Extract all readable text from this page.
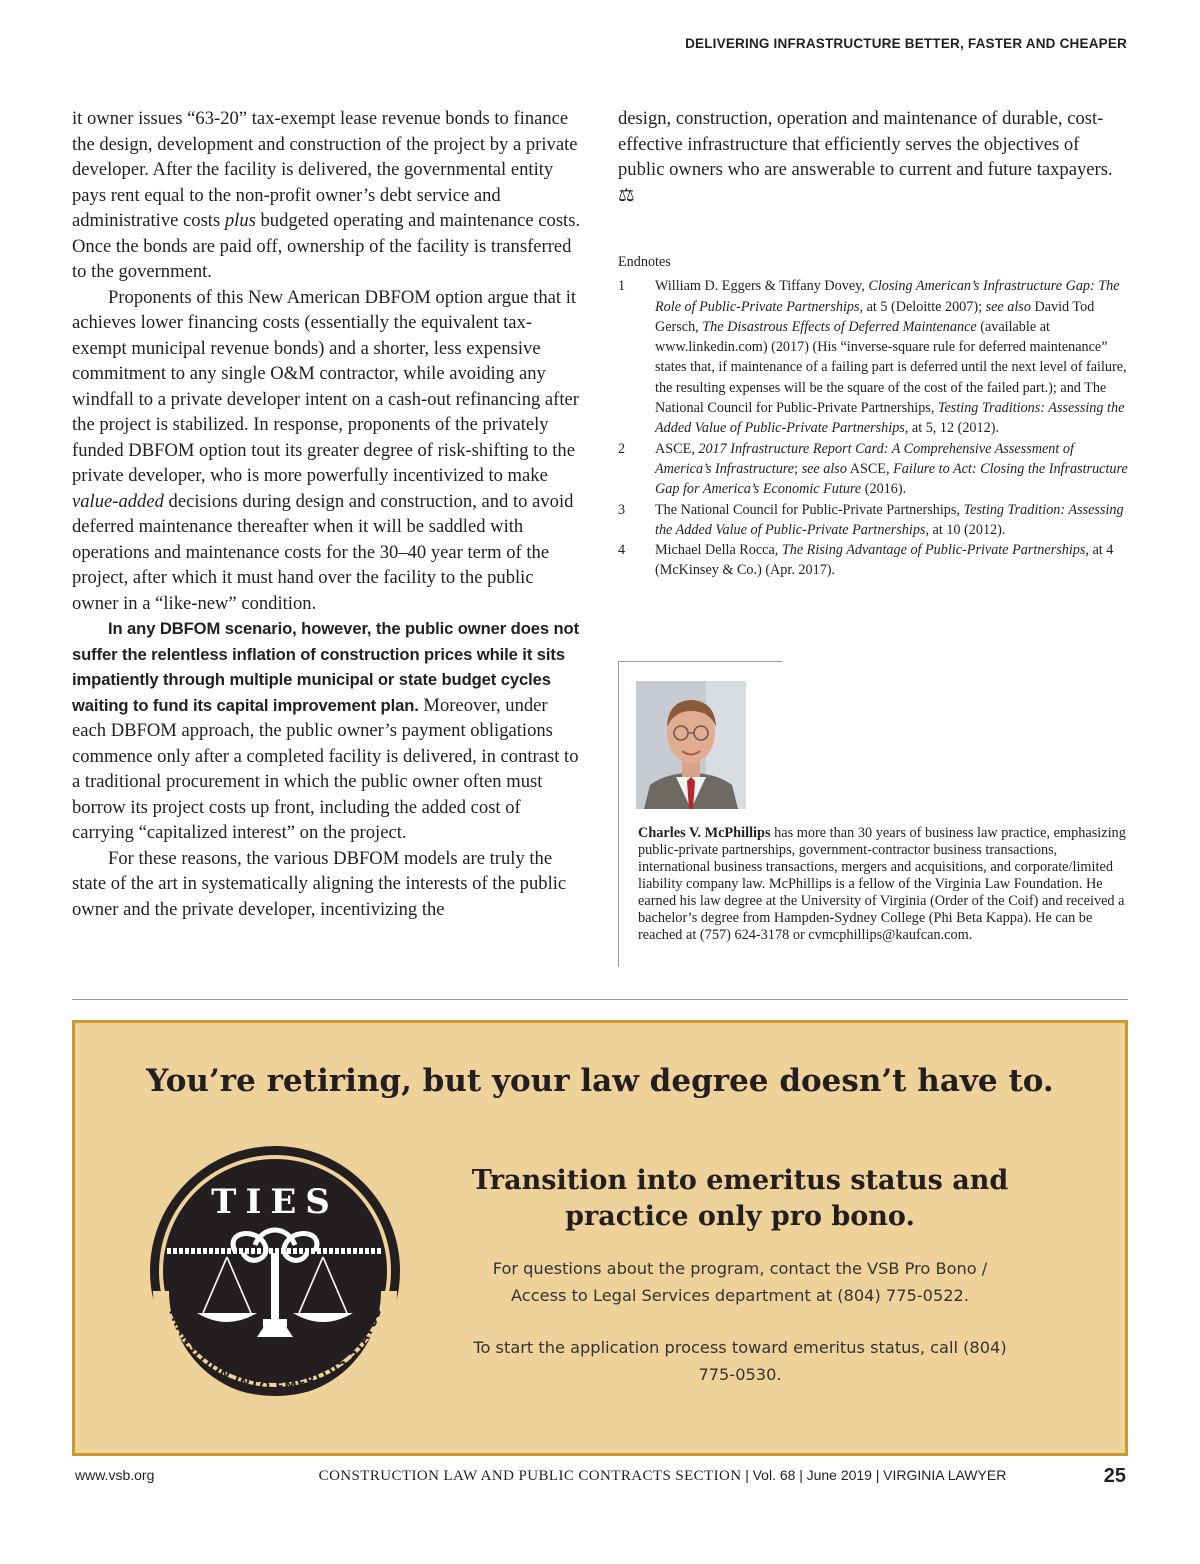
DELIVERING INFRASTRUCTURE BETTER, FASTER AND CHEAPER

it owner issues “63-20” tax-exempt lease revenue bonds to finance the design, development and construction of the project by a private developer. After the facility is delivered, the governmental entity pays rent equal to the non-profit owner’s debt service and administrative costs plus budgeted operating and maintenance costs. Once the bonds are paid off, ownership of the facility is transferred to the government.

Proponents of this New American DBFOM option argue that it achieves lower financing costs (essentially the equivalent tax-exempt municipal revenue bonds) and a shorter, less expensive commitment to any single O&M contractor, while avoiding any windfall to a private developer intent on a cash-out refinancing after the project is stabilized. In response, proponents of the privately funded DBFOM option tout its greater degree of risk-shifting to the private developer, who is more powerfully incentivized to make value-added decisions during design and construction, and to avoid deferred maintenance thereafter when it will be saddled with operations and maintenance costs for the 30–40 year term of the project, after which it must hand over the facility to the public owner in a “like-new” condition.

In any DBFOM scenario, however, the public owner does not suffer the relentless inflation of construction prices while it sits impatiently through multiple municipal or state budget cycles waiting to fund its capital improvement plan. Moreover, under each DBFOM approach, the public owner’s payment obligations commence only after a completed facility is delivered, in contrast to a traditional procurement in which the public owner often must borrow its project costs up front, including the added cost of carrying “capitalized interest” on the project.

For these reasons, the various DBFOM models are truly the state of the art in systematically aligning the interests of the public owner and the private developer, incentivizing the

design, construction, operation and maintenance of durable, cost-effective infrastructure that efficiently serves the objectives of public owners who are answerable to current and future taxpayers. ⚖

Endnotes
1	William D. Eggers & Tiffany Dovey, Closing American’s Infrastructure Gap: The Role of Public-Private Partnerships, at 5 (Deloitte 2007); see also David Tod Gersch, The Disastrous Effects of Deferred Maintenance (available at www.linkedin.com) (2017) (His “inverse-square rule for deferred maintenance” states that, if maintenance of a failing part is deferred until the next level of failure, the resulting expenses will be the square of the cost of the failed part.); and The National Council for Public-Private Partnerships, Testing Traditions: Assessing the Added Value of Public-Private Partnerships, at 5, 12 (2012).
2	ASCE, 2017 Infrastructure Report Card: A Comprehensive Assessment of America’s Infrastructure; see also ASCE, Failure to Act: Closing the Infrastructure Gap for America’s Economic Future (2016).
3	The National Council for Public-Private Partnerships, Testing Tradition: Assessing the Added Value of Public-Private Partnerships, at 10 (2012).
4	Michael Della Rocca, The Rising Advantage of Public-Private Partnerships, at 4 (McKinsey & Co.) (Apr. 2017).
Charles V. McPhillips has more than 30 years of business law practice, emphasizing public-private partnerships, government-contractor business transactions, international business transactions, mergers and acquisitions, and corporate/limited liability company law. McPhillips is a fellow of the Virginia Law Foundation. He earned his law degree at the University of Virginia (Order of the Coif) and received a bachelor’s degree from Hampden-Sydney College (Phi Beta Kappa). He can be reached at (757) 624-3178 or cvmcphillips@kaufcan.com.
You’re retiring, but your law degree doesn’t have to.
TIES
TRANSITION INTO EMERITUS STATUS
Transition into emeritus status and practice only pro bono.

For questions about the program, contact the VSB Pro Bono / Access to Legal Services department at (804) 775-0522.

To start the application process toward emeritus status, call (804) 775-0530.

www.vsb.org	CONSTRUCTION LAW AND PUBLIC CONTRACTS SECTION | Vol. 68 | June 2019 | VIRGINIA LAWYER	25
